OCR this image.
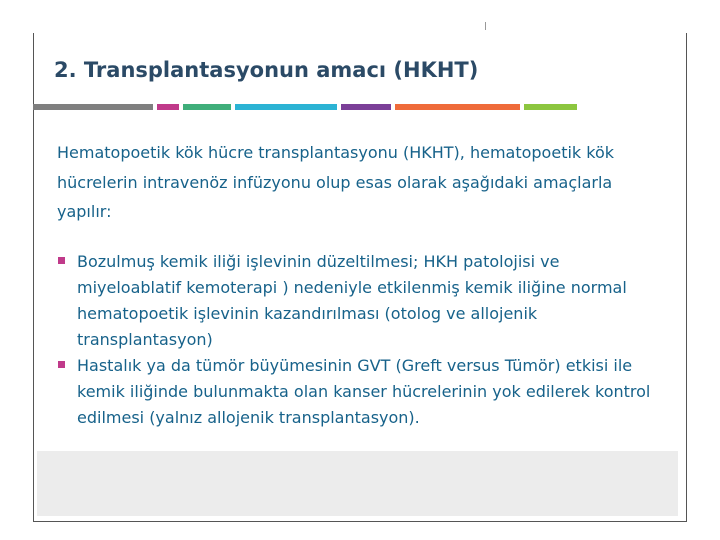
2. Transplantasyonun amacı (HKHT)

Hematopoetik kök hücre transplantasyonu (HKHT), hematopoetik kök hücrelerin intravenöz infüzyonu olup esas olarak aşağıdaki amaçlarla yapılır:

Bozulmuş kemik iliği işlevinin düzeltilmesi; HKH patolojisi ve miyeloablatif kemoterapi ) nedeniyle etkilenmiş kemik iliğine normal hematopoetik işlevinin kazandırılması (otolog ve allojenik transplantasyon)
Hastalık ya da tümör büyümesinin GVT (Greft versus Tümör) etkisi ile kemik iliğinde bulunmakta olan kanser hücrelerinin yok edilerek kontrol edilmesi (yalnız allojenik transplantasyon).
